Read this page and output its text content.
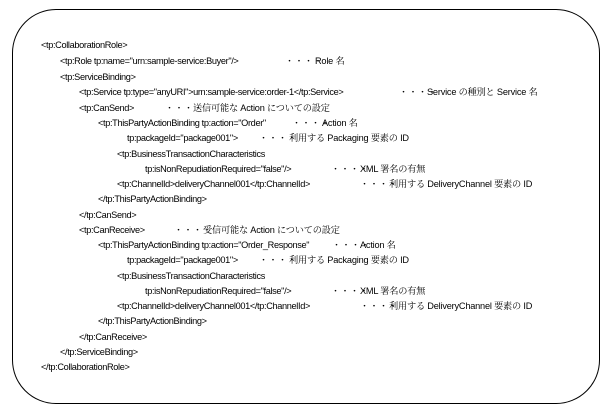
<tp:CollaborationRole>
<tp:Role tp:name="urn:sample-service:Buyer"/>	・・・・
Role 名
<tp:ServiceBinding>
<tp:Service tp:type="anyURI">urn:sample-service:order-1</tp:Service>	・・・・
Service の種別と Service 名
<tp:CanSend>	・・・・
送信可能な Action についての設定
<tp:ThisPartyActionBinding tp:action="Order"	・・・・
Action 名
tp:packageId="package001"> ・・・・
利用する Packaging 要素の ID
<tp:BusinessTransactionCharacteristics
tp:isNonRepudiationRequired="false"/>	・・・・
XML 署名の有無
<tp:ChannelId>deliveryChannel001</tp:ChannelId>	・・・・
利用する DeliveryChannel 要素の ID
</tp:ThisPartyActionBinding>
</tp:CanSend>
<tp:CanReceive>	・・・・
受信可能な Action についての設定
<tp:ThisPartyActionBinding tp:action="Order_Response"	・・・・
Action 名
tp:packageId="package001"> ・・・・
利用する Packaging 要素の ID
<tp:BusinessTransactionCharacteristics
tp:isNonRepudiationRequired="false"/>	・・・・
XML 署名の有無
<tp:ChannelId>deliveryChannel001</tp:ChannelId>	・・・・
利用する DeliveryChannel 要素の ID
</tp:ThisPartyActionBinding>
</tp:CanReceive>
</tp:ServiceBinding>
</tp:CollaborationRole>
